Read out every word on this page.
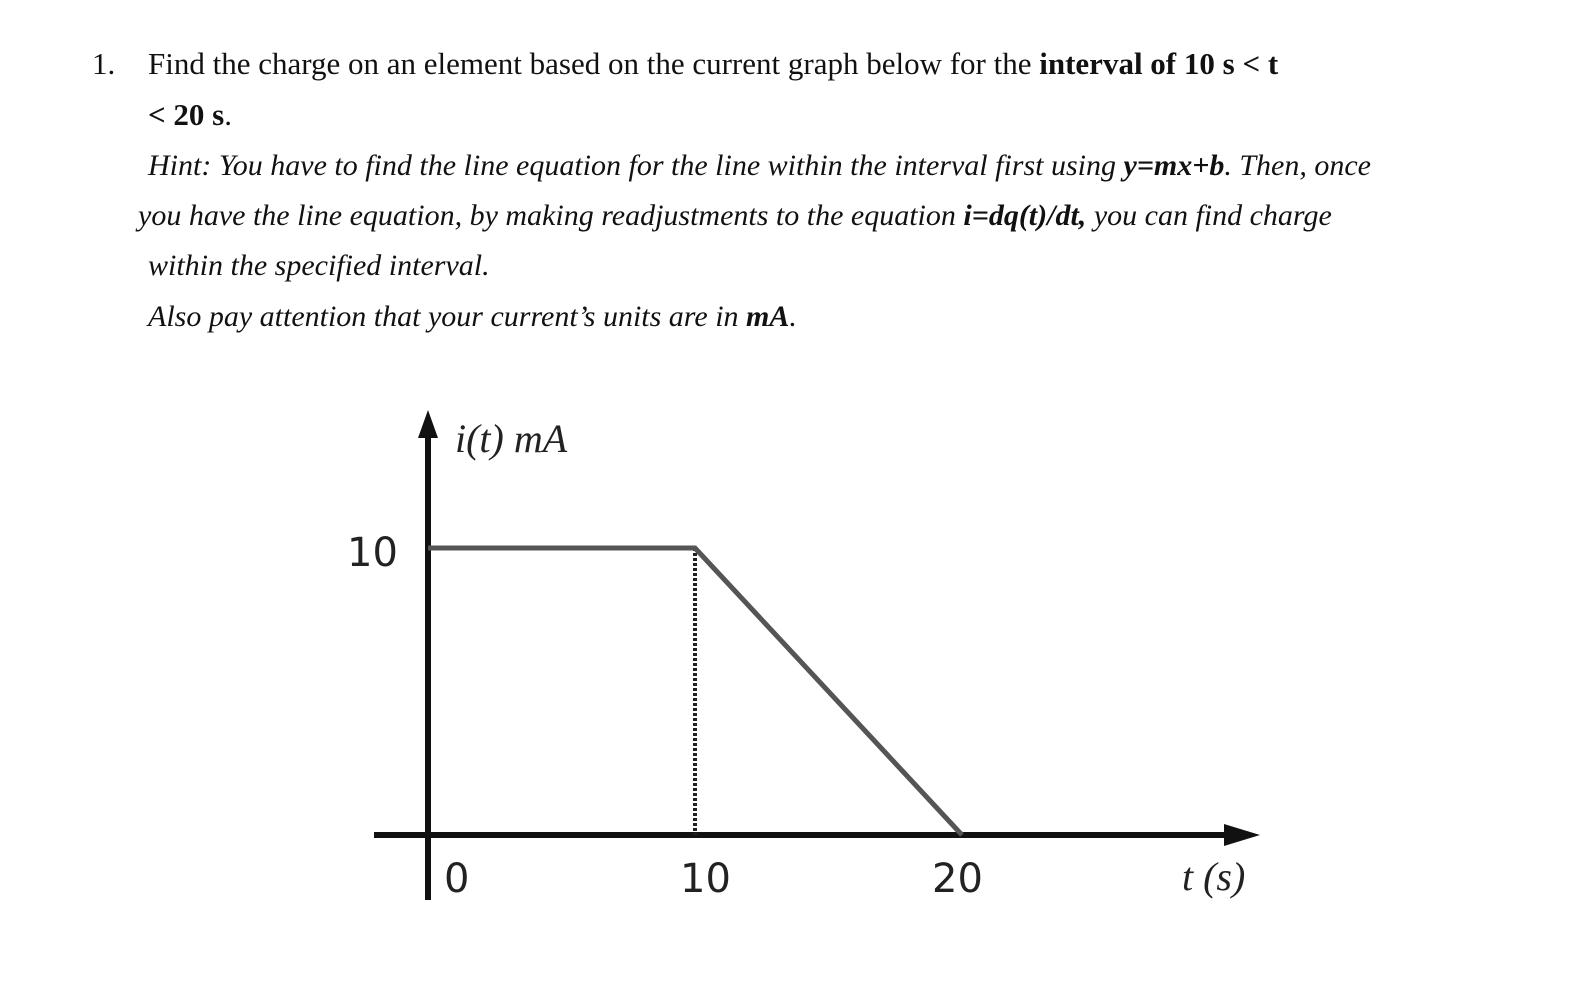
1. Find the charge on an element based on the current graph below for the interval of 10 s < t
< 20 s.
Hint: You have to find the line equation for the line within the interval first using y=mx+b. Then, once
you have the line equation, by making readjustments to the equation i=dq(t)/dt, you can find charge
within the specified interval.
Also pay attention that your current’s units are in mA.
i(t) mA
t (s)
0	10	20
10
